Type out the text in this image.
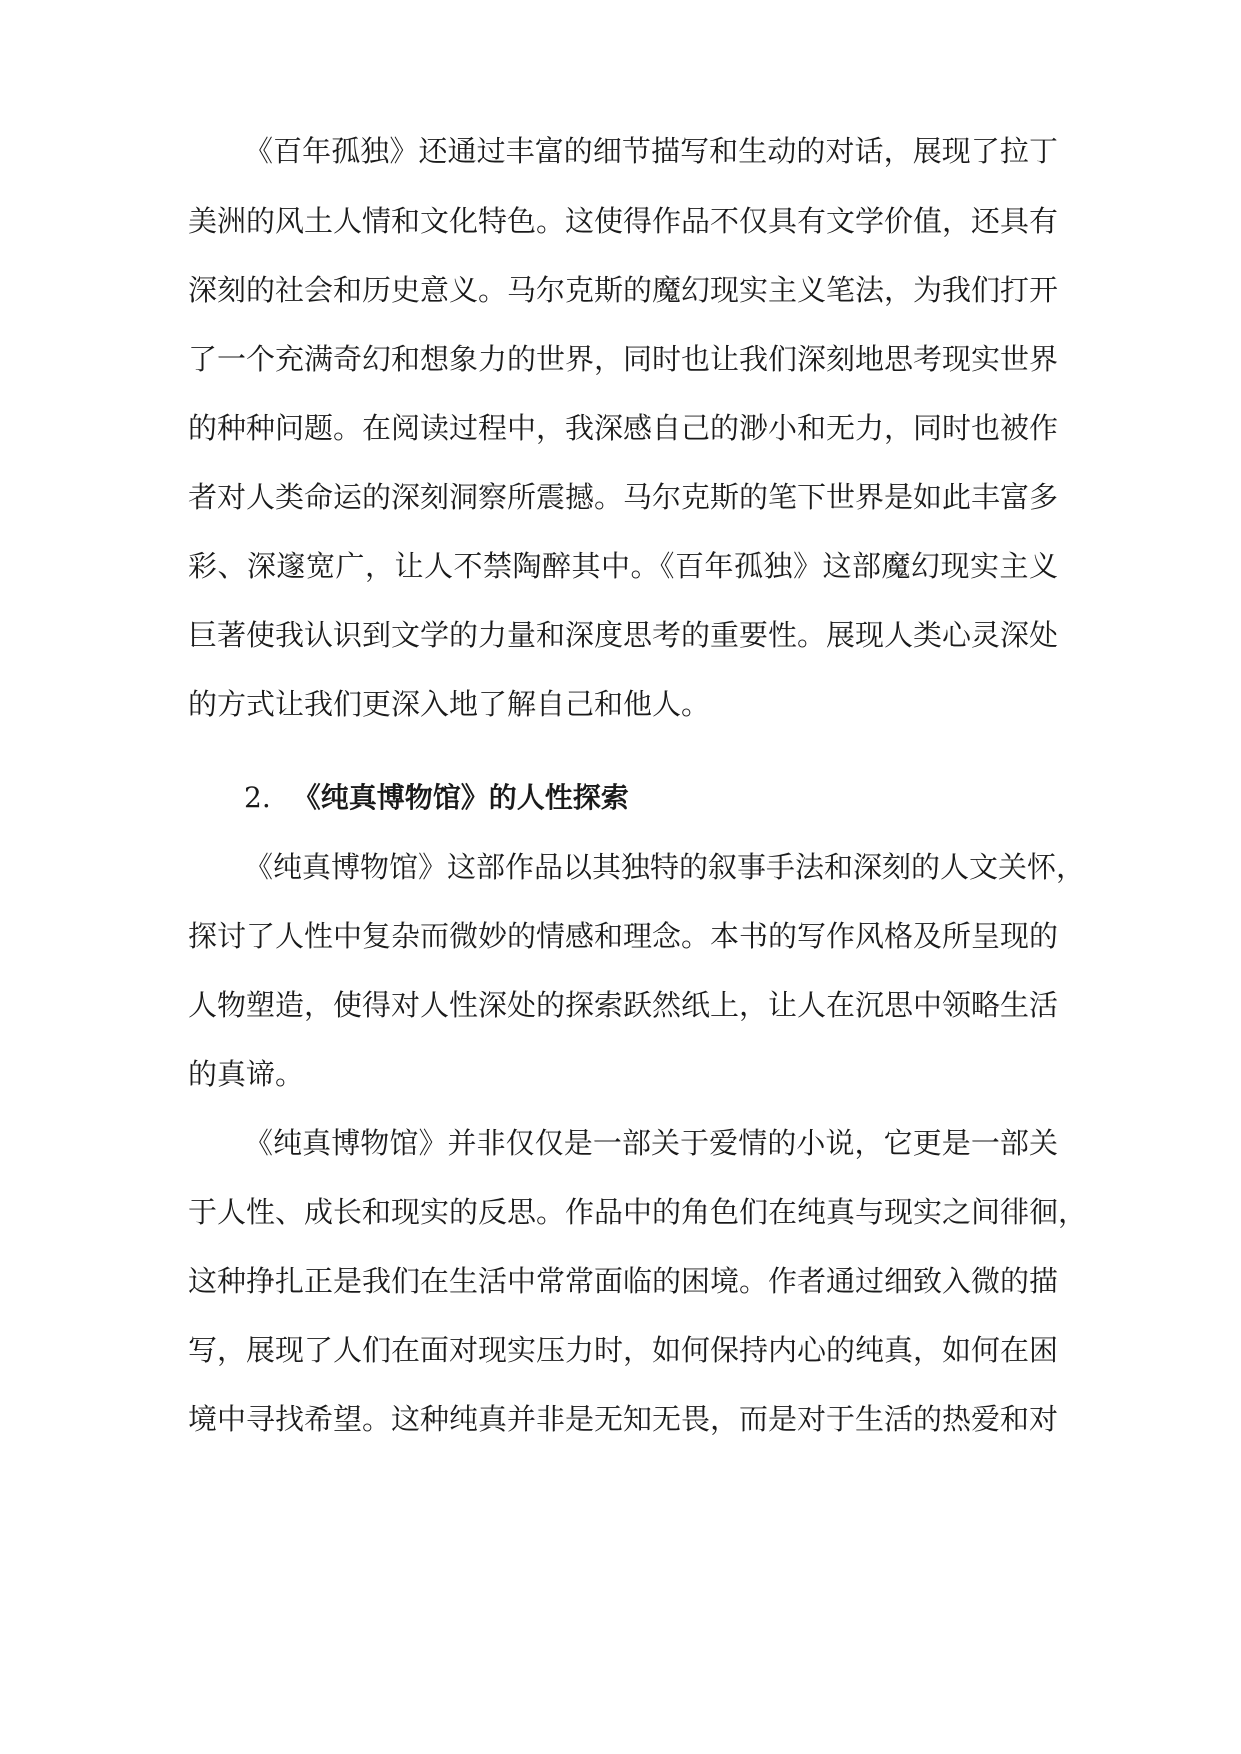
《百年孤独》还通过丰富的细节描写和生动的对话，展现了拉丁
美洲的风土人情和文化特色。这使得作品不仅具有文学价值，还具有
深刻的社会和历史意义。马尔克斯的魔幻现实主义笔法，为我们打开
了一个充满奇幻和想象力的世界，同时也让我们深刻地思考现实世界
的种种问题。在阅读过程中，我深感自己的渺小和无力，同时也被作
者对人类命运的深刻洞察所震撼。马尔克斯的笔下世界是如此丰富多
彩、深邃宽广，让人不禁陶醉其中。《百年孤独》这部魔幻现实主义
巨著使我认识到文学的力量和深度思考的重要性。展现人类心灵深处
的方式让我们更深入地了解自己和他人。
2. 《纯真博物馆》的人性探索
《纯真博物馆》这部作品以其独特的叙事手法和深刻的人文关怀，
探讨了人性中复杂而微妙的情感和理念。本书的写作风格及所呈现的
人物塑造，使得对人性深处的探索跃然纸上，让人在沉思中领略生活
的真谛。
《纯真博物馆》并非仅仅是一部关于爱情的小说，它更是一部关
于人性、成长和现实的反思。作品中的角色们在纯真与现实之间徘徊，
这种挣扎正是我们在生活中常常面临的困境。作者通过细致入微的描
写，展现了人们在面对现实压力时，如何保持内心的纯真，如何在困
境中寻找希望。这种纯真并非是无知无畏，而是对于生活的热爱和对
